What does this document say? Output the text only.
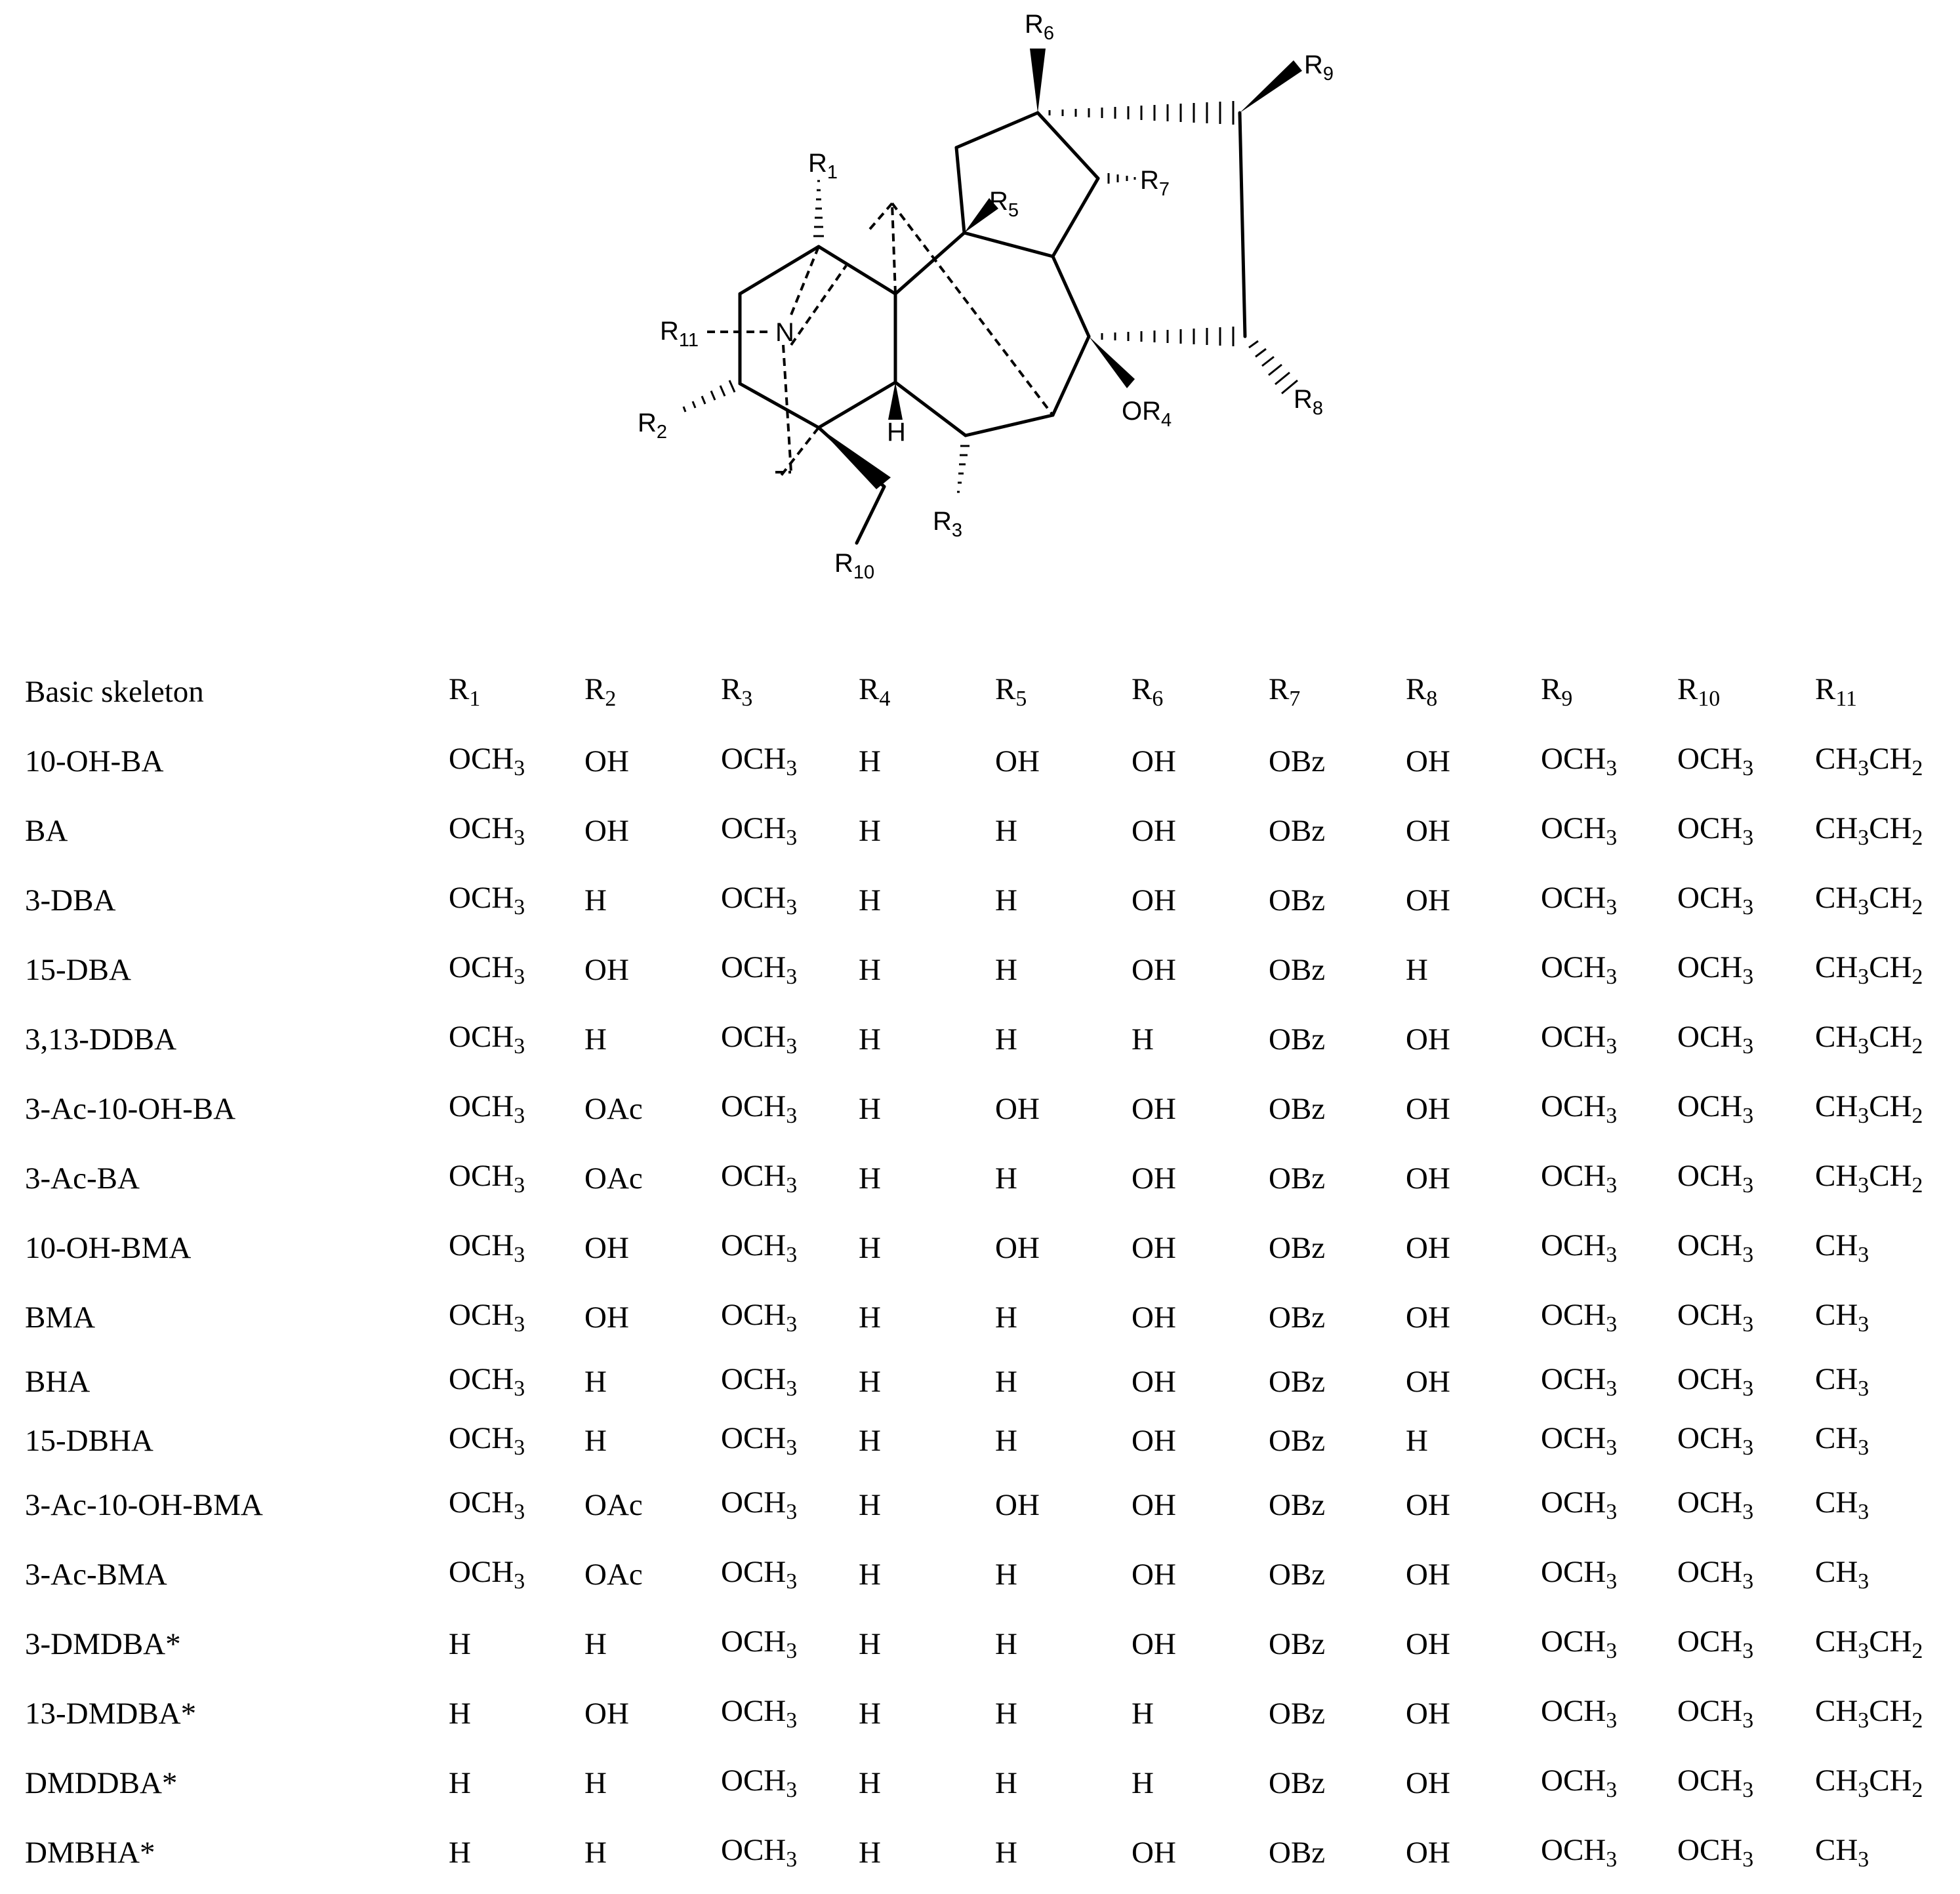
N
H
$R_1$
$R_2$
$R_3$
$OR_4$
$R_5$
$R_6$
$R_7$
$R_8$
$R_9$
$R_{10}$
$R_{11}$
Basic skeleton	$R_1$	$R_2$	$R_3$	$R_4$	$R_5$	$R_6$	$R_7$	$R_8$	$R_9$	$R_{10}$	$R_{11}$
10-OH-BA	$OCH_3$	OH	$OCH_3$	H	OH	OH	OBz	OH	$OCH_3$	$OCH_3$	$CH_3CH_2$
BA	$OCH_3$	OH	$OCH_3$	H	H	OH	OBz	OH	$OCH_3$	$OCH_3$	$CH_3CH_2$
3-DBA	$OCH_3$	H	$OCH_3$	H	H	OH	OBz	OH	$OCH_3$	$OCH_3$	$CH_3CH_2$
15-DBA	$OCH_3$	OH	$OCH_3$	H	H	OH	OBz	H	$OCH_3$	$OCH_3$	$CH_3CH_2$
3,13-DDBA	$OCH_3$	H	$OCH_3$	H	H	H	OBz	OH	$OCH_3$	$OCH_3$	$CH_3CH_2$
3-Ac-10-OH-BA	$OCH_3$	OAc	$OCH_3$	H	OH	OH	OBz	OH	$OCH_3$	$OCH_3$	$CH_3CH_2$
3-Ac-BA	$OCH_3$	OAc	$OCH_3$	H	H	OH	OBz	OH	$OCH_3$	$OCH_3$	$CH_3CH_2$
10-OH-BMA	$OCH_3$	OH	$OCH_3$	H	OH	OH	OBz	OH	$OCH_3$	$OCH_3$	$CH_3$
BMA	$OCH_3$	OH	$OCH_3$	H	H	OH	OBz	OH	$OCH_3$	$OCH_3$	$CH_3$
BHA	$OCH_3$	H	$OCH_3$	H	H	OH	OBz	OH	$OCH_3$	$OCH_3$	$CH_3$
15-DBHA	$OCH_3$	H	$OCH_3$	H	H	OH	OBz	H	$OCH_3$	$OCH_3$	$CH_3$
3-Ac-10-OH-BMA	$OCH_3$	OAc	$OCH_3$	H	OH	OH	OBz	OH	$OCH_3$	$OCH_3$	$CH_3$
3-Ac-BMA	$OCH_3$	OAc	$OCH_3$	H	H	OH	OBz	OH	$OCH_3$	$OCH_3$	$CH_3$
3-DMDBA*	H	H	$OCH_3$	H	H	OH	OBz	OH	$OCH_3$	$OCH_3$	$CH_3CH_2$
13-DMDBA*	H	OH	$OCH_3$	H	H	H	OBz	OH	$OCH_3$	$OCH_3$	$CH_3CH_2$
DMDDBA*	H	H	$OCH_3$	H	H	H	OBz	OH	$OCH_3$	$OCH_3$	$CH_3CH_2$
DMBHA*	H	H	$OCH_3$	H	H	OH	OBz	OH	$OCH_3$	$OCH_3$	$CH_3$
